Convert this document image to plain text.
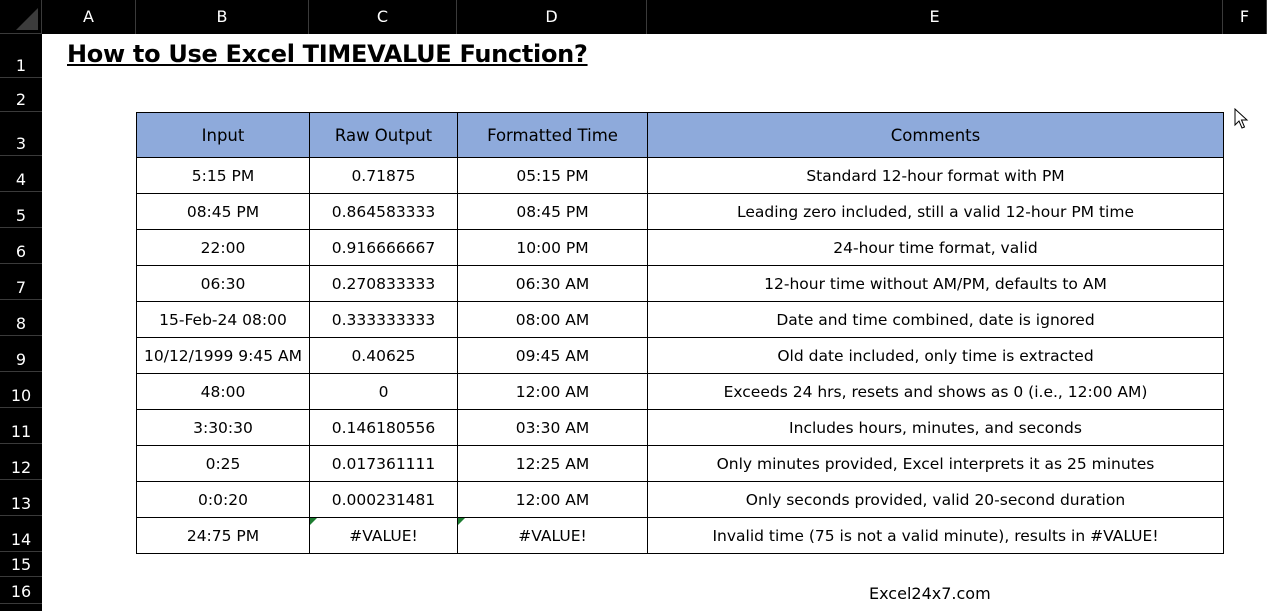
A	B	C	D	E	F
1
2
3
4
5
6
7
8
9
10
11
12
13
14
15
16
How to Use Excel TIMEVALUE Function?
Input	Raw Output	Formatted Time	Comments
5:15 PM	0.71875	05:15 PM	Standard 12-hour format with PM
08:45 PM	0.864583333	08:45 PM	Leading zero included, still a valid 12-hour PM time
22:00	0.916666667	10:00 PM	24-hour time format, valid
06:30	0.270833333	06:30 AM	12-hour time without AM/PM, defaults to AM
15-Feb-24 08:00	0.333333333	08:00 AM	Date and time combined, date is ignored
10/12/1999 9:45 AM	0.40625	09:45 AM	Old date included, only time is extracted
48:00	0	12:00 AM	Exceeds 24 hrs, resets and shows as 0 (i.e., 12:00 AM)
3:30:30	0.146180556	03:30 AM	Includes hours, minutes, and seconds
0:25	0.017361111	12:25 AM	Only minutes provided, Excel interprets it as 25 minutes
0:0:20	0.000231481	12:00 AM	Only seconds provided, valid 20-second duration
24:75 PM	#VALUE!	#VALUE!	Invalid time (75 is not a valid minute), results in #VALUE!
Excel24x7.com
